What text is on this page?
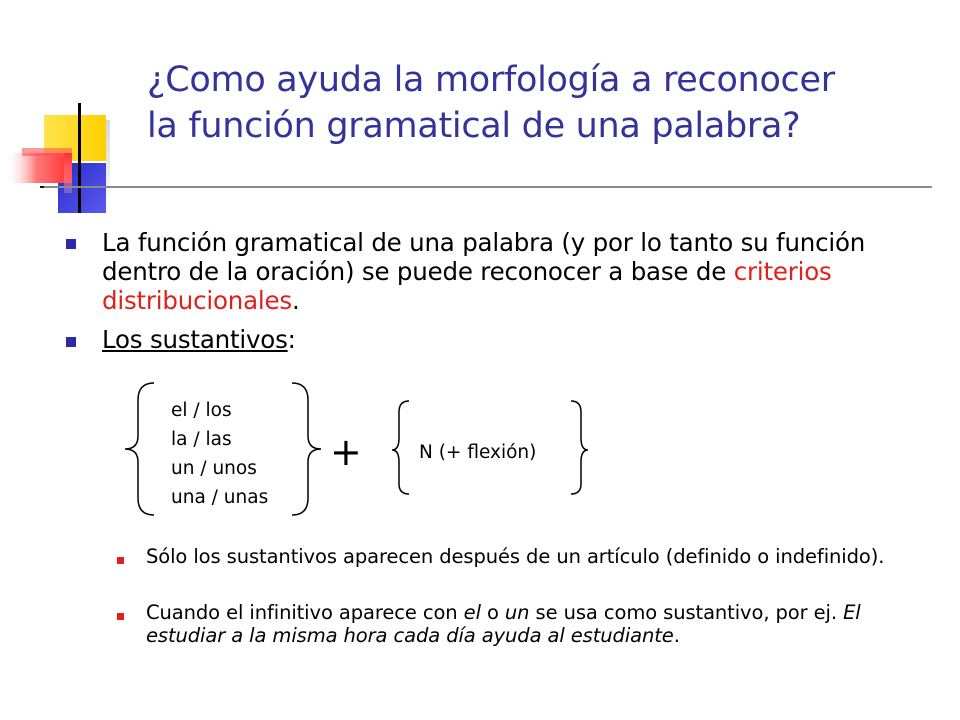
¿Como ayuda la morfología a reconocer
la función gramatical de una palabra?
La función gramatical de una palabra (y por lo tanto su función dentro de la oración) se puede reconocer a base de criterios distribucionales.
Los sustantivos:
el / los
la / las
un / unos
una / unas
+	N (+ flexión)
Sólo los sustantivos aparecen después de un artículo (definido o indefinido).
Cuando el infinitivo aparece con el o un se usa como sustantivo, por ej. El estudiar a la misma hora cada día ayuda al estudiante.
